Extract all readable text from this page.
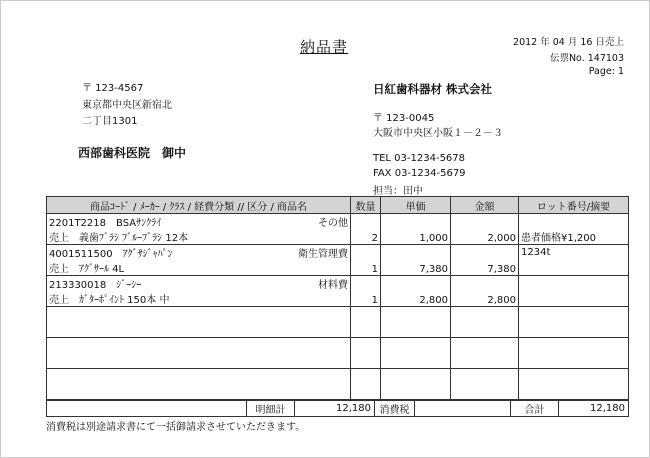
納品書	2012 年 04 月 16 日売上
伝票No. 147103
Page: 1
〒 123-4567
東京都中央区新宿北
二丁目1301
西部歯科医院　御中
日紅歯科器材 株式会社
〒 123-0045
大阪市中央区小阪１－２－３
TEL 03-1234-5678
FAX 03-1234-5679
担当：田中
商品ｺｰﾄﾞ / ﾒｰｶｰ / ｸﾗｽ / 経費分類 // 区分 / 商品名	数量	単価	金額	ロット番号/摘要
2201T2218　BSAｻﾝｸﾗｲ その他	2	1,000	2,000	
売上　義歯ﾌﾞﾗｼ ﾌﾞﾙｰﾌﾞﾗｼ 12本				患者価格¥1,200
4001511500　ｱｸﾞｻｼﾞｬﾊﾟﾝ 衛生管理費	1	7,380	7,380	1234t
売上　ｱｸﾞｻｰﾙ 4L				
213330018　ｼﾞｰｼｰ 材料費	1	2,800	2,800	
売上　ｶﾞﾀｰﾎﾟｲﾝﾄ 150本 中				

	明細計	12,180	消費税		合計	12,180
消費税は別途請求書にて一括御請求させていただきます。
